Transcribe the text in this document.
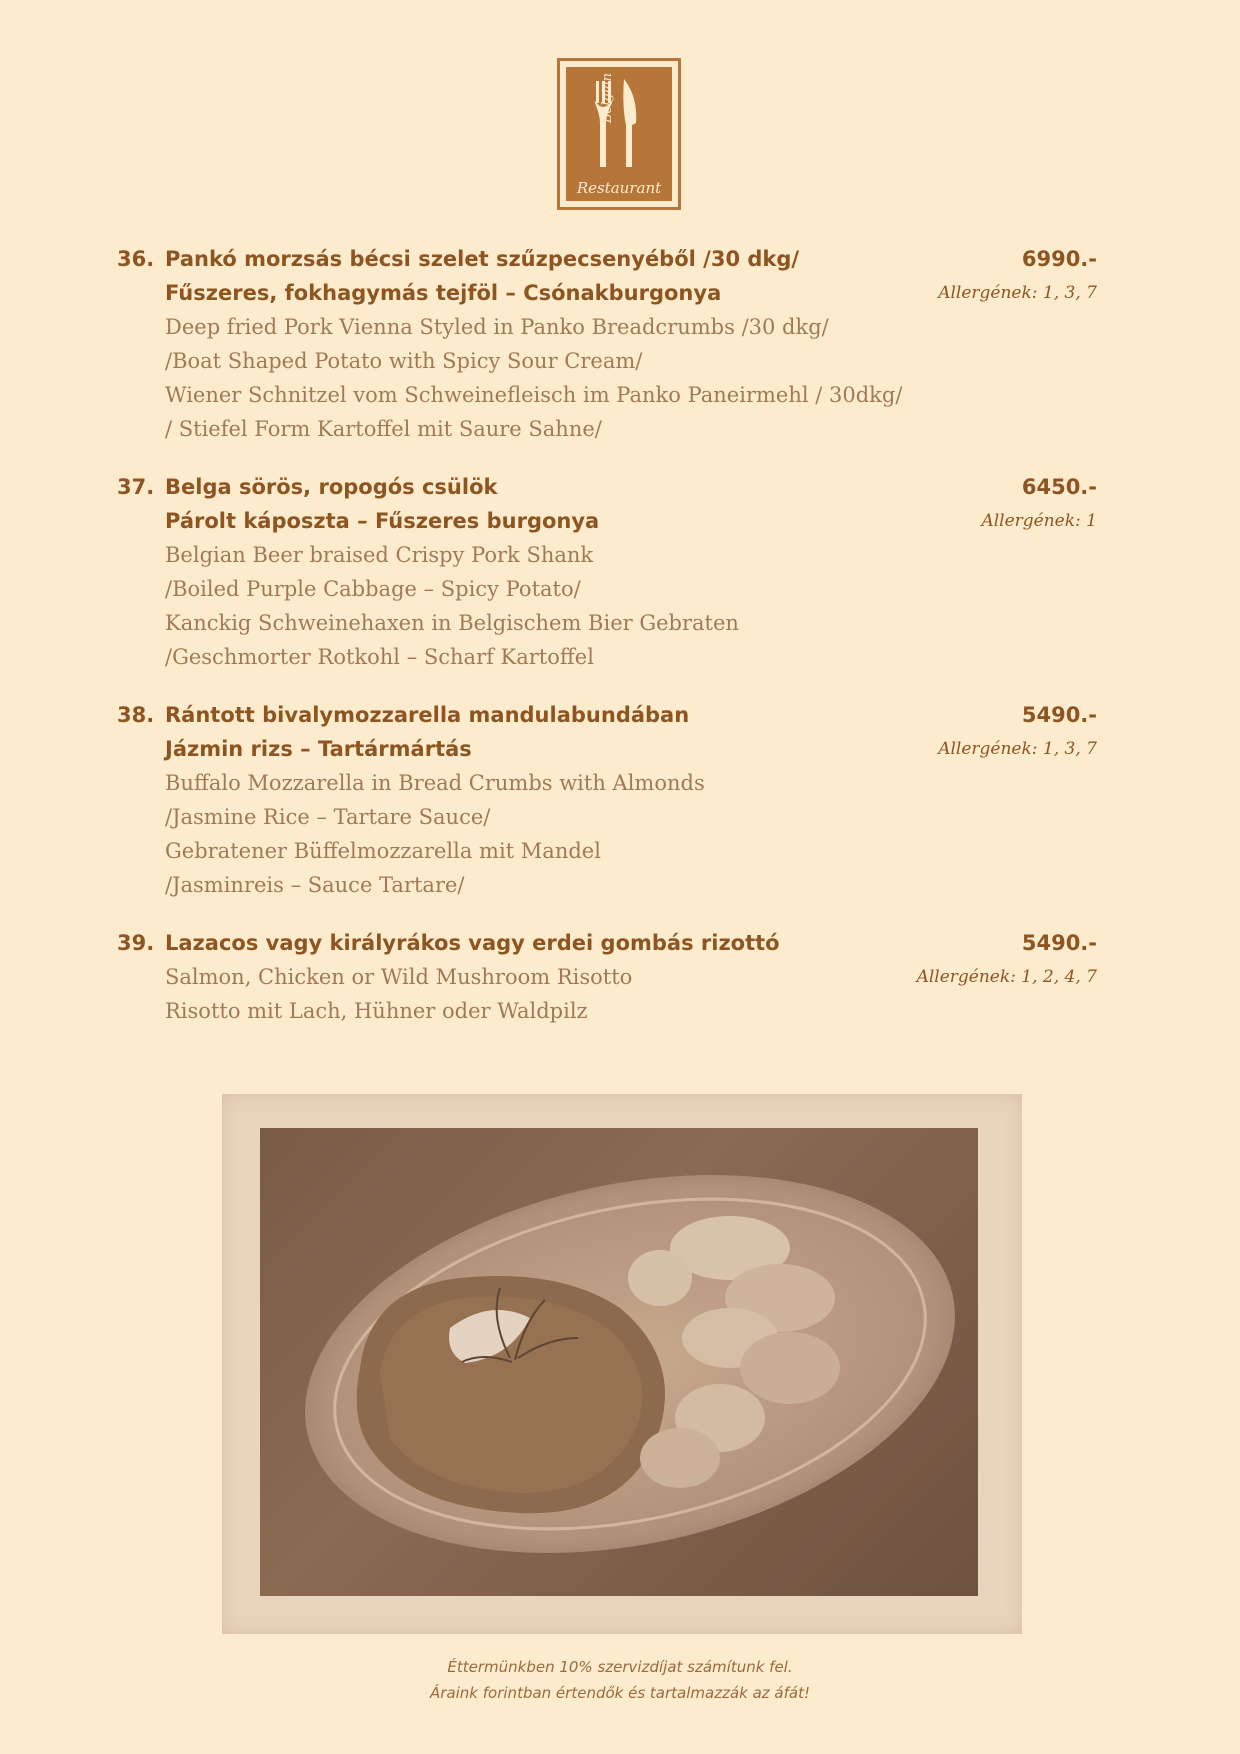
Belgian
Restaurant
36. Pankó morzsás bécsi szelet szűzpecsenyéből /30 dkg/
Fűszeres, fokhagymás tejföl – Csónakburgonya
Deep fried Pork Vienna Styled in Panko Breadcrumbs /30 dkg/
/Boat Shaped Potato with Spicy Sour Cream/
Wiener Schnitzel vom Schweinefleisch im Panko Paneirmehl / 30dkg/
/ Stiefel Form Kartoffel mit Saure Sahne/
6990.-
Allergének: 1, 3, 7
37. Belga sörös, ropogós csülök
Párolt káposzta – Fűszeres burgonya
Belgian Beer braised Crispy Pork Shank
/Boiled Purple Cabbage – Spicy Potato/
Kanckig Schweinehaxen in Belgischem Bier Gebraten
/Geschmorter Rotkohl – Scharf Kartoffel
6450.-
Allergének: 1
38. Rántott bivalymozzarella mandulabundában
Jázmin rizs – Tartármártás
Buffalo Mozzarella in Bread Crumbs with Almonds
/Jasmine Rice – Tartare Sauce/
Gebratener Büffelmozzarella mit Mandel
/Jasminreis – Sauce Tartare/
5490.-
Allergének: 1, 3, 7
39. Lazacos vagy királyrákos vagy erdei gombás rizottó
Salmon, Chicken or Wild Mushroom Risotto
Risotto mit Lach, Hühner oder Waldpilz
5490.-
Allergének: 1, 2, 4, 7
Éttermünkben 10% szervizdíjat számítunk fel.
Áraink forintban értendők és tartalmazzák az áfát!
